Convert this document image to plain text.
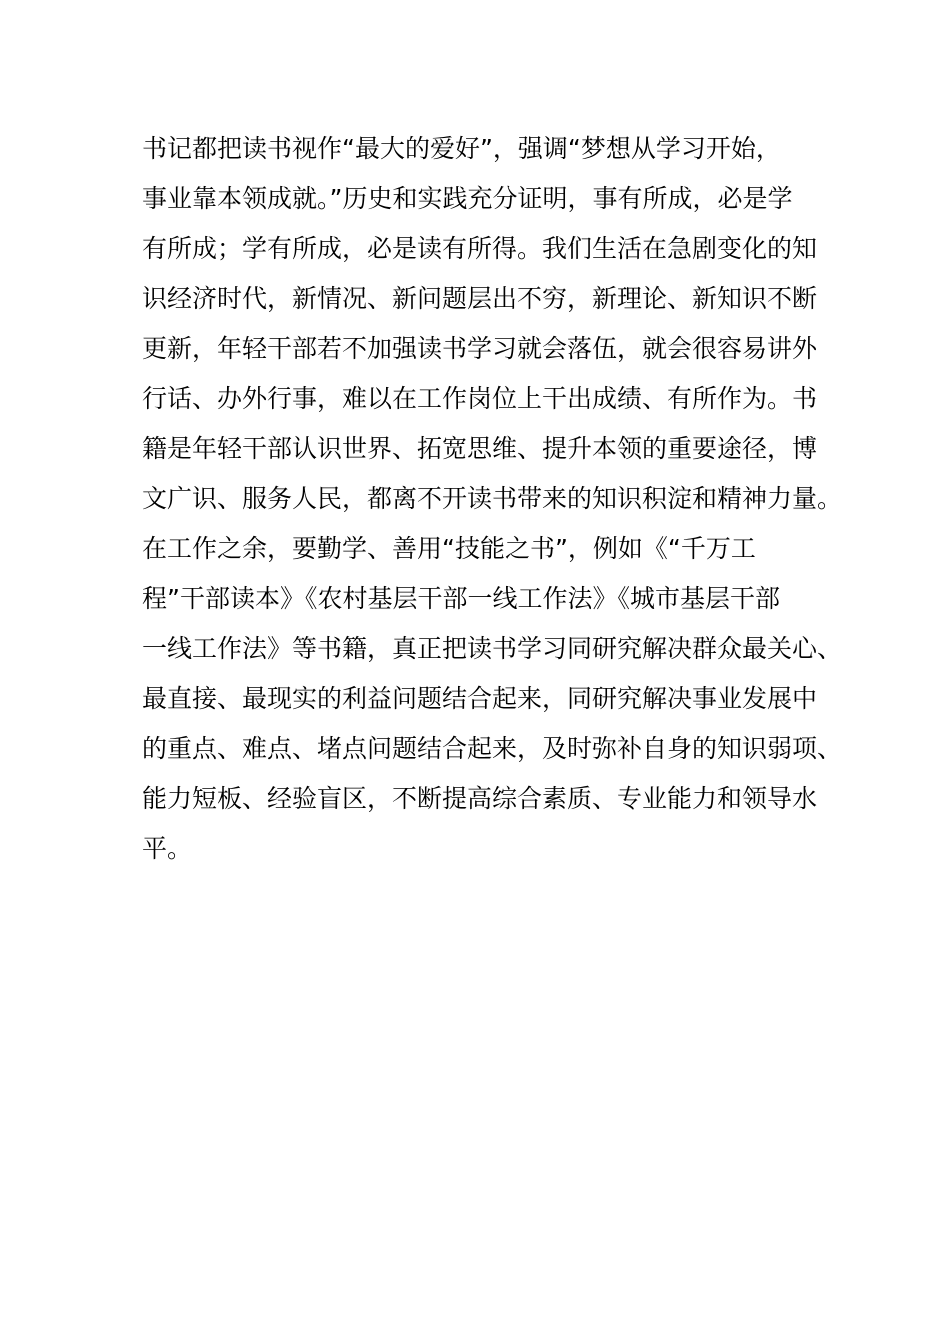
书记都把读书视作“最大的爱好”，强调“梦想从学习开始，
事业靠本领成就。”历史和实践充分证明，事有所成，必是学
有所成；学有所成，必是读有所得。我们生活在急剧变化的知
识经济时代，新情况、新问题层出不穷，新理论、新知识不断
更新，年轻干部若不加强读书学习就会落伍，就会很容易讲外
行话、办外行事，难以在工作岗位上干出成绩、有所作为。书
籍是年轻干部认识世界、拓宽思维、提升本领的重要途径，博
文广识、服务人民，都离不开读书带来的知识积淀和精神力量。
在工作之余，要勤学、善用“技能之书”，例如《“千万工
程”干部读本》《农村基层干部一线工作法》《城市基层干部
一线工作法》等书籍，真正把读书学习同研究解决群众最关心、
最直接、最现实的利益问题结合起来，同研究解决事业发展中
的重点、难点、堵点问题结合起来，及时弥补自身的知识弱项、
能力短板、经验盲区，不断提高综合素质、专业能力和领导水
平。
